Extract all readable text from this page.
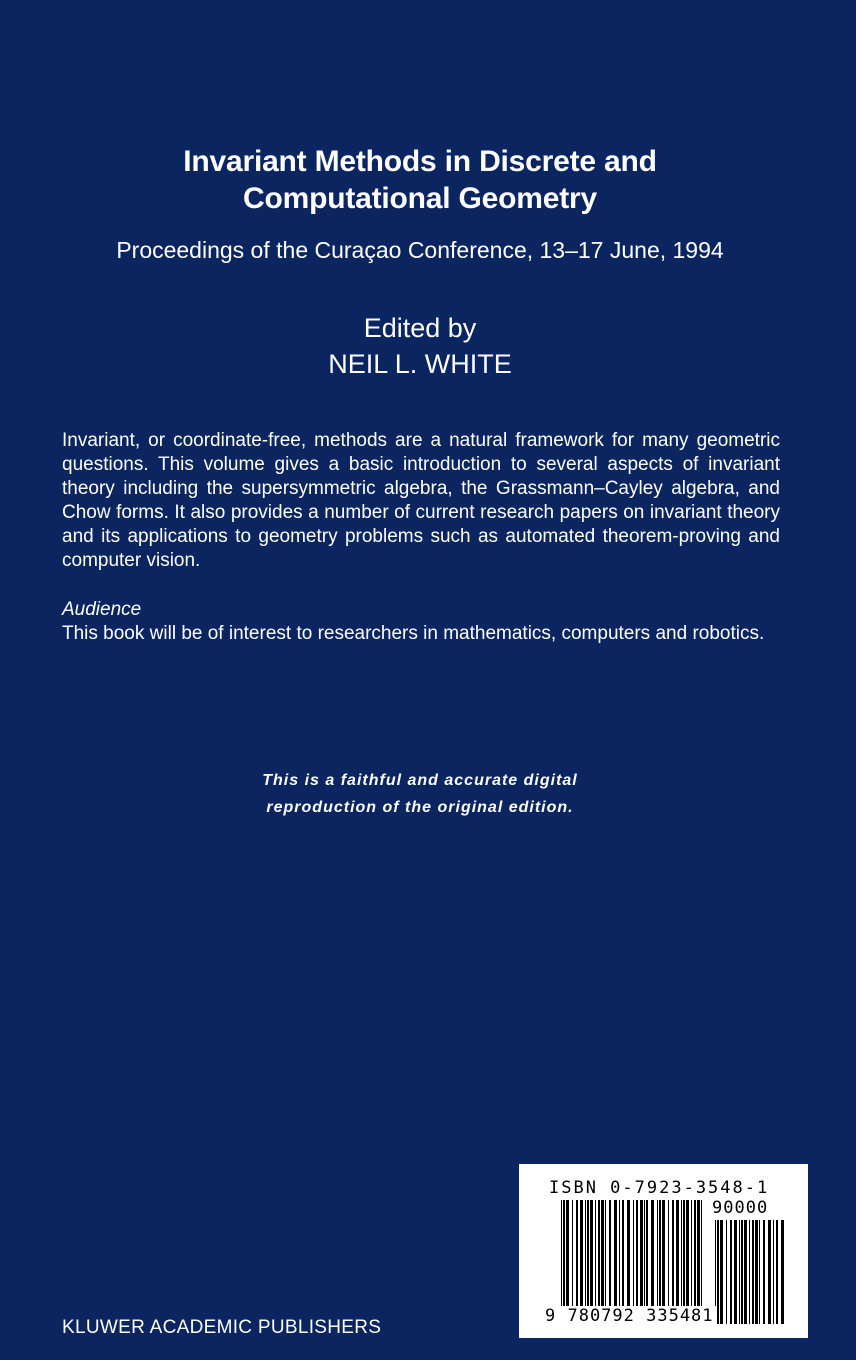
Invariant Methods in Discrete and
Computational Geometry
Proceedings of the Curaçao Conference, 13–17 June, 1994
Edited by
NEIL L. WHITE
Invariant, or coordinate-free, methods are a natural framework for many geometric questions. This volume gives a basic introduction to several aspects of invariant theory including the supersymmetric algebra, the Grassmann–Cayley algebra, and Chow forms. It also provides a number of current research papers on invariant theory and its applications to geometry problems such as automated theorem-proving and computer vision.
Audience
This book will be of interest to researchers in mathematics, computers and robotics.
This is a faithful and accurate digital
reproduction of the original edition.
KLUWER ACADEMIC PUBLISHERS
ISBN 0-7923-3548-1
90000
9 780792 335481
